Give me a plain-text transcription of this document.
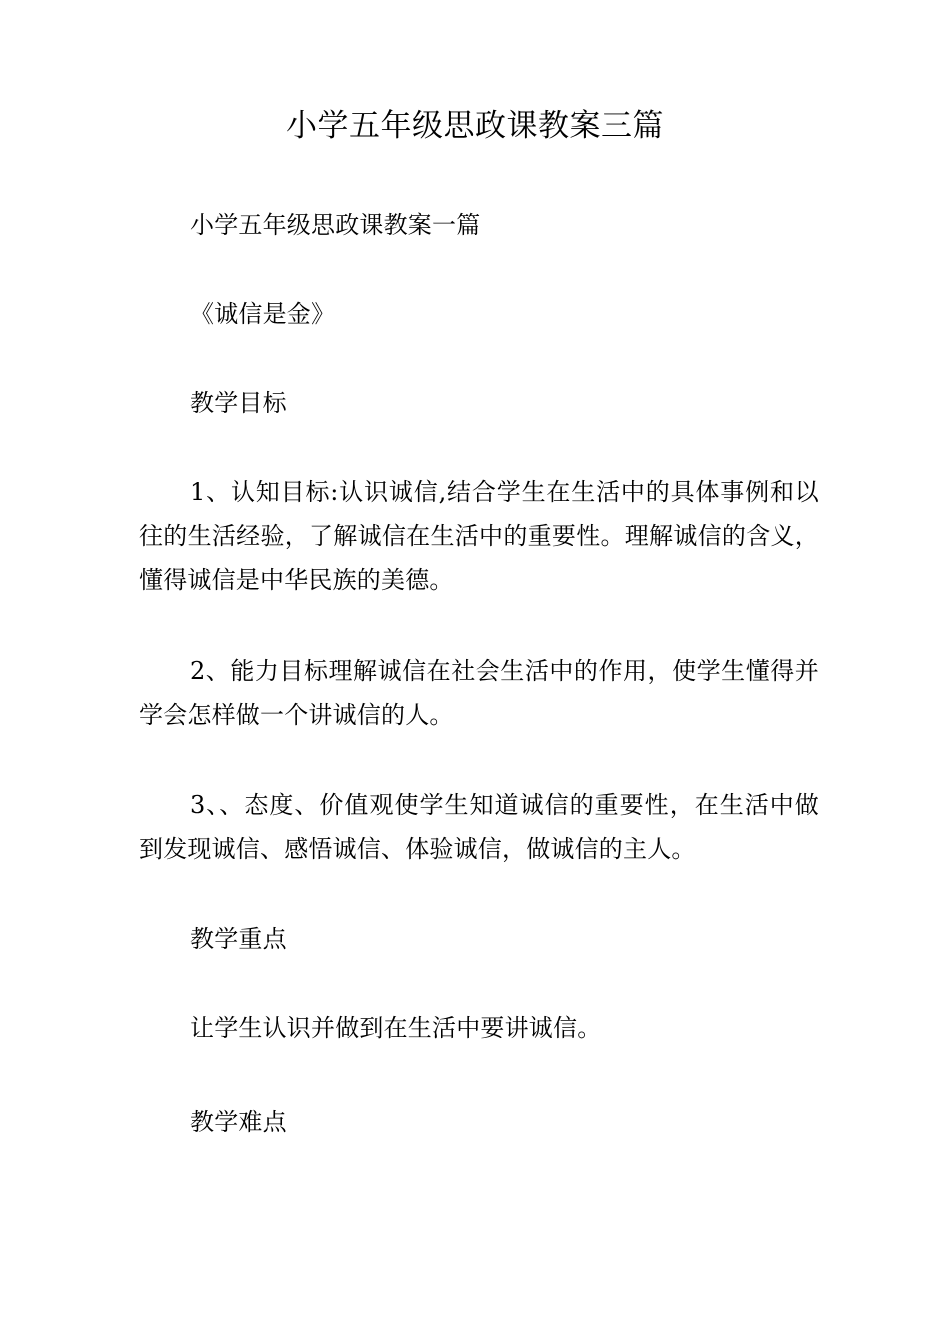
小学五年级思政课教案三篇

小学五年级思政课教案一篇

《诚信是金》

教学目标

1、认知目标:认识诚信,结合学生在生活中的具体事例和以往的生活经验，了解诚信在生活中的重要性。理解诚信的含义，懂得诚信是中华民族的美德。

2、能力目标理解诚信在社会生活中的作用，使学生懂得并学会怎样做一个讲诚信的人。

3、、态度、价值观使学生知道诚信的重要性，在生活中做到发现诚信、感悟诚信、体验诚信，做诚信的主人。

教学重点

让学生认识并做到在生活中要讲诚信。

教学难点
